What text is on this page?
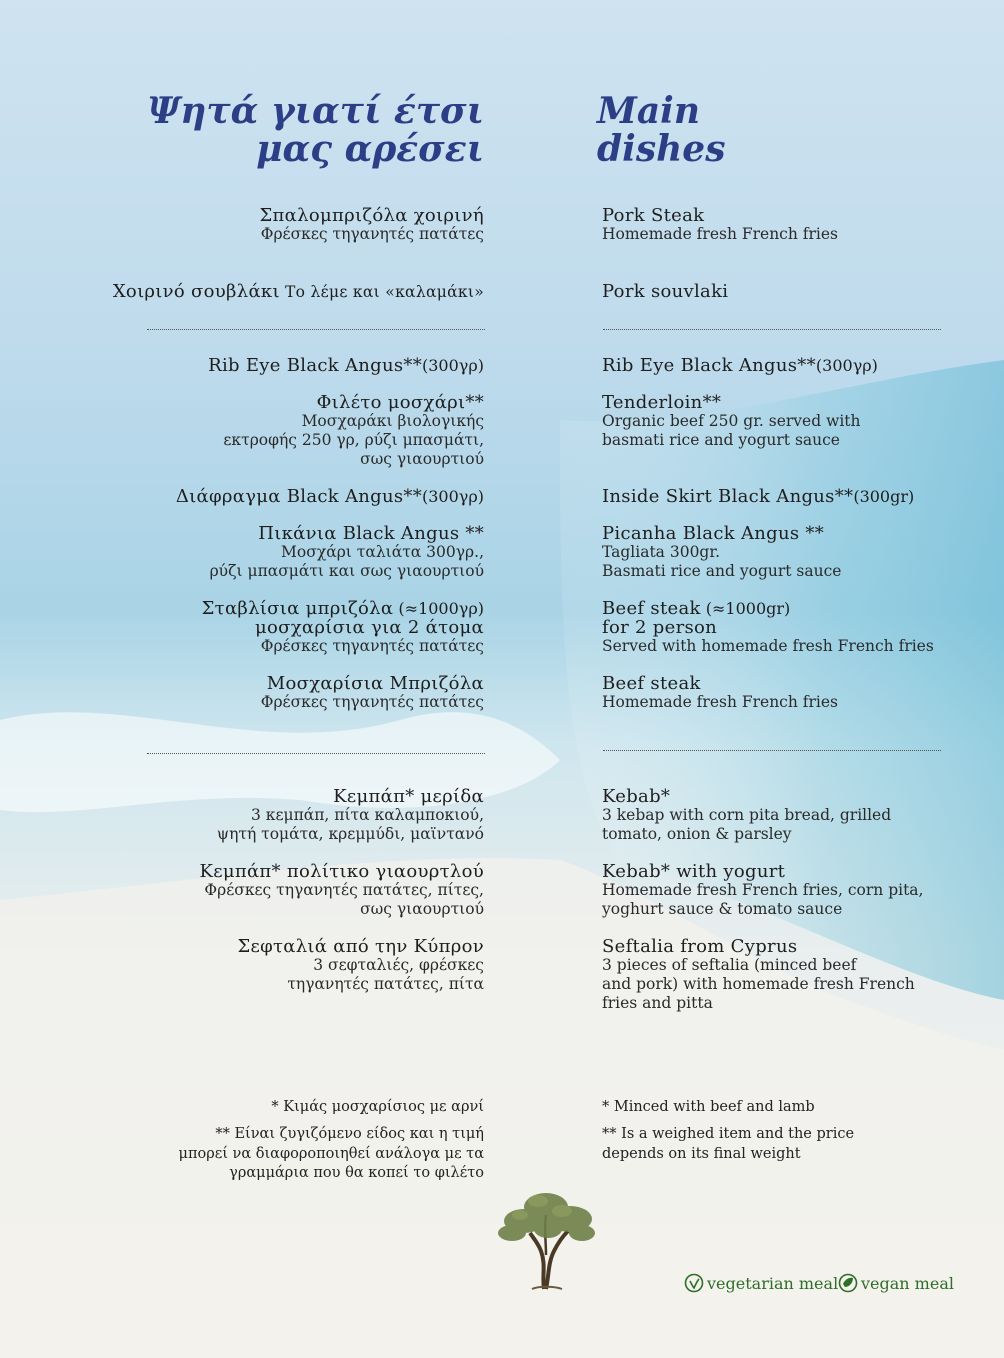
Ψητά γιατί έτσι
μας αρέσει
Main
dishes
Σπαλομπριζόλα χοιρινή
Φρέσκες τηγανητές πατάτες
Χοιρινό σουβλάκι Το λέμε και «καλαμάκι»
Rib Eye Black Angus**(300γρ)
Φιλέτο μοσχάρι**
Μοσχαράκι βιολογικής
εκτροφής 250 γρ, ρύζι μπασμάτι,
σως γιαουρτιού
Διάφραγμα Black Angus**(300γρ)
Πικάνια Black Angus **
Μοσχάρι ταλιάτα 300γρ.,
ρύζι μπασμάτι και σως γιαουρτιού
Σταβλίσια μπριζόλα (≈1000γρ)
μοσχαρίσια για 2 άτομα
Φρέσκες τηγανητές πατάτες
Μοσχαρίσια Μπριζόλα
Φρέσκες τηγανητές πατάτες
Κεμπάπ* μερίδα
3 κεμπάπ, πίτα καλαμποκιού,
ψητή τομάτα, κρεμμύδι, μαϊντανό
Κεμπάπ* πολίτικο γιαουρτλού
Φρέσκες τηγανητές πατάτες, πίτες,
σως γιαουρτιού
Σεφταλιά από την Κύπρον
3 σεφταλιές, φρέσκες
τηγανητές πατάτες, πίτα
Pork Steak
Homemade fresh French fries
Pork souvlaki
Rib Eye Black Angus**(300γρ)
Tenderloin**
Organic beef 250 gr. served with
basmati rice and yogurt sauce
Inside Skirt Black Angus**(300gr)
Picanha Black Angus **
Tagliata 300gr.
Basmati rice and yogurt sauce
Beef steak (≈1000gr)
for 2 person
Served with homemade fresh French fries
Beef steak
Homemade fresh French fries
Kebab*
3 kebap with corn pita bread, grilled
tomato, onion & parsley
Kebab* with yogurt
Homemade fresh French fries, corn pita,
yoghurt sauce & tomato sauce
Seftalia from Cyprus
3 pieces of seftalia (minced beef
and pork) with homemade fresh French
fries and pitta
* Κιμάς μοσχαρίσιος με αρνί
** Είναι ζυγιζόμενο είδος και η τιμή
μπορεί να διαφοροποιηθεί ανάλογα με τα
γραμμάρια που θα κοπεί το φιλέτο
* Minced with beef and lamb
** Is a weighed item and the price
depends on its final weight
vegetarian meal vegan meal
